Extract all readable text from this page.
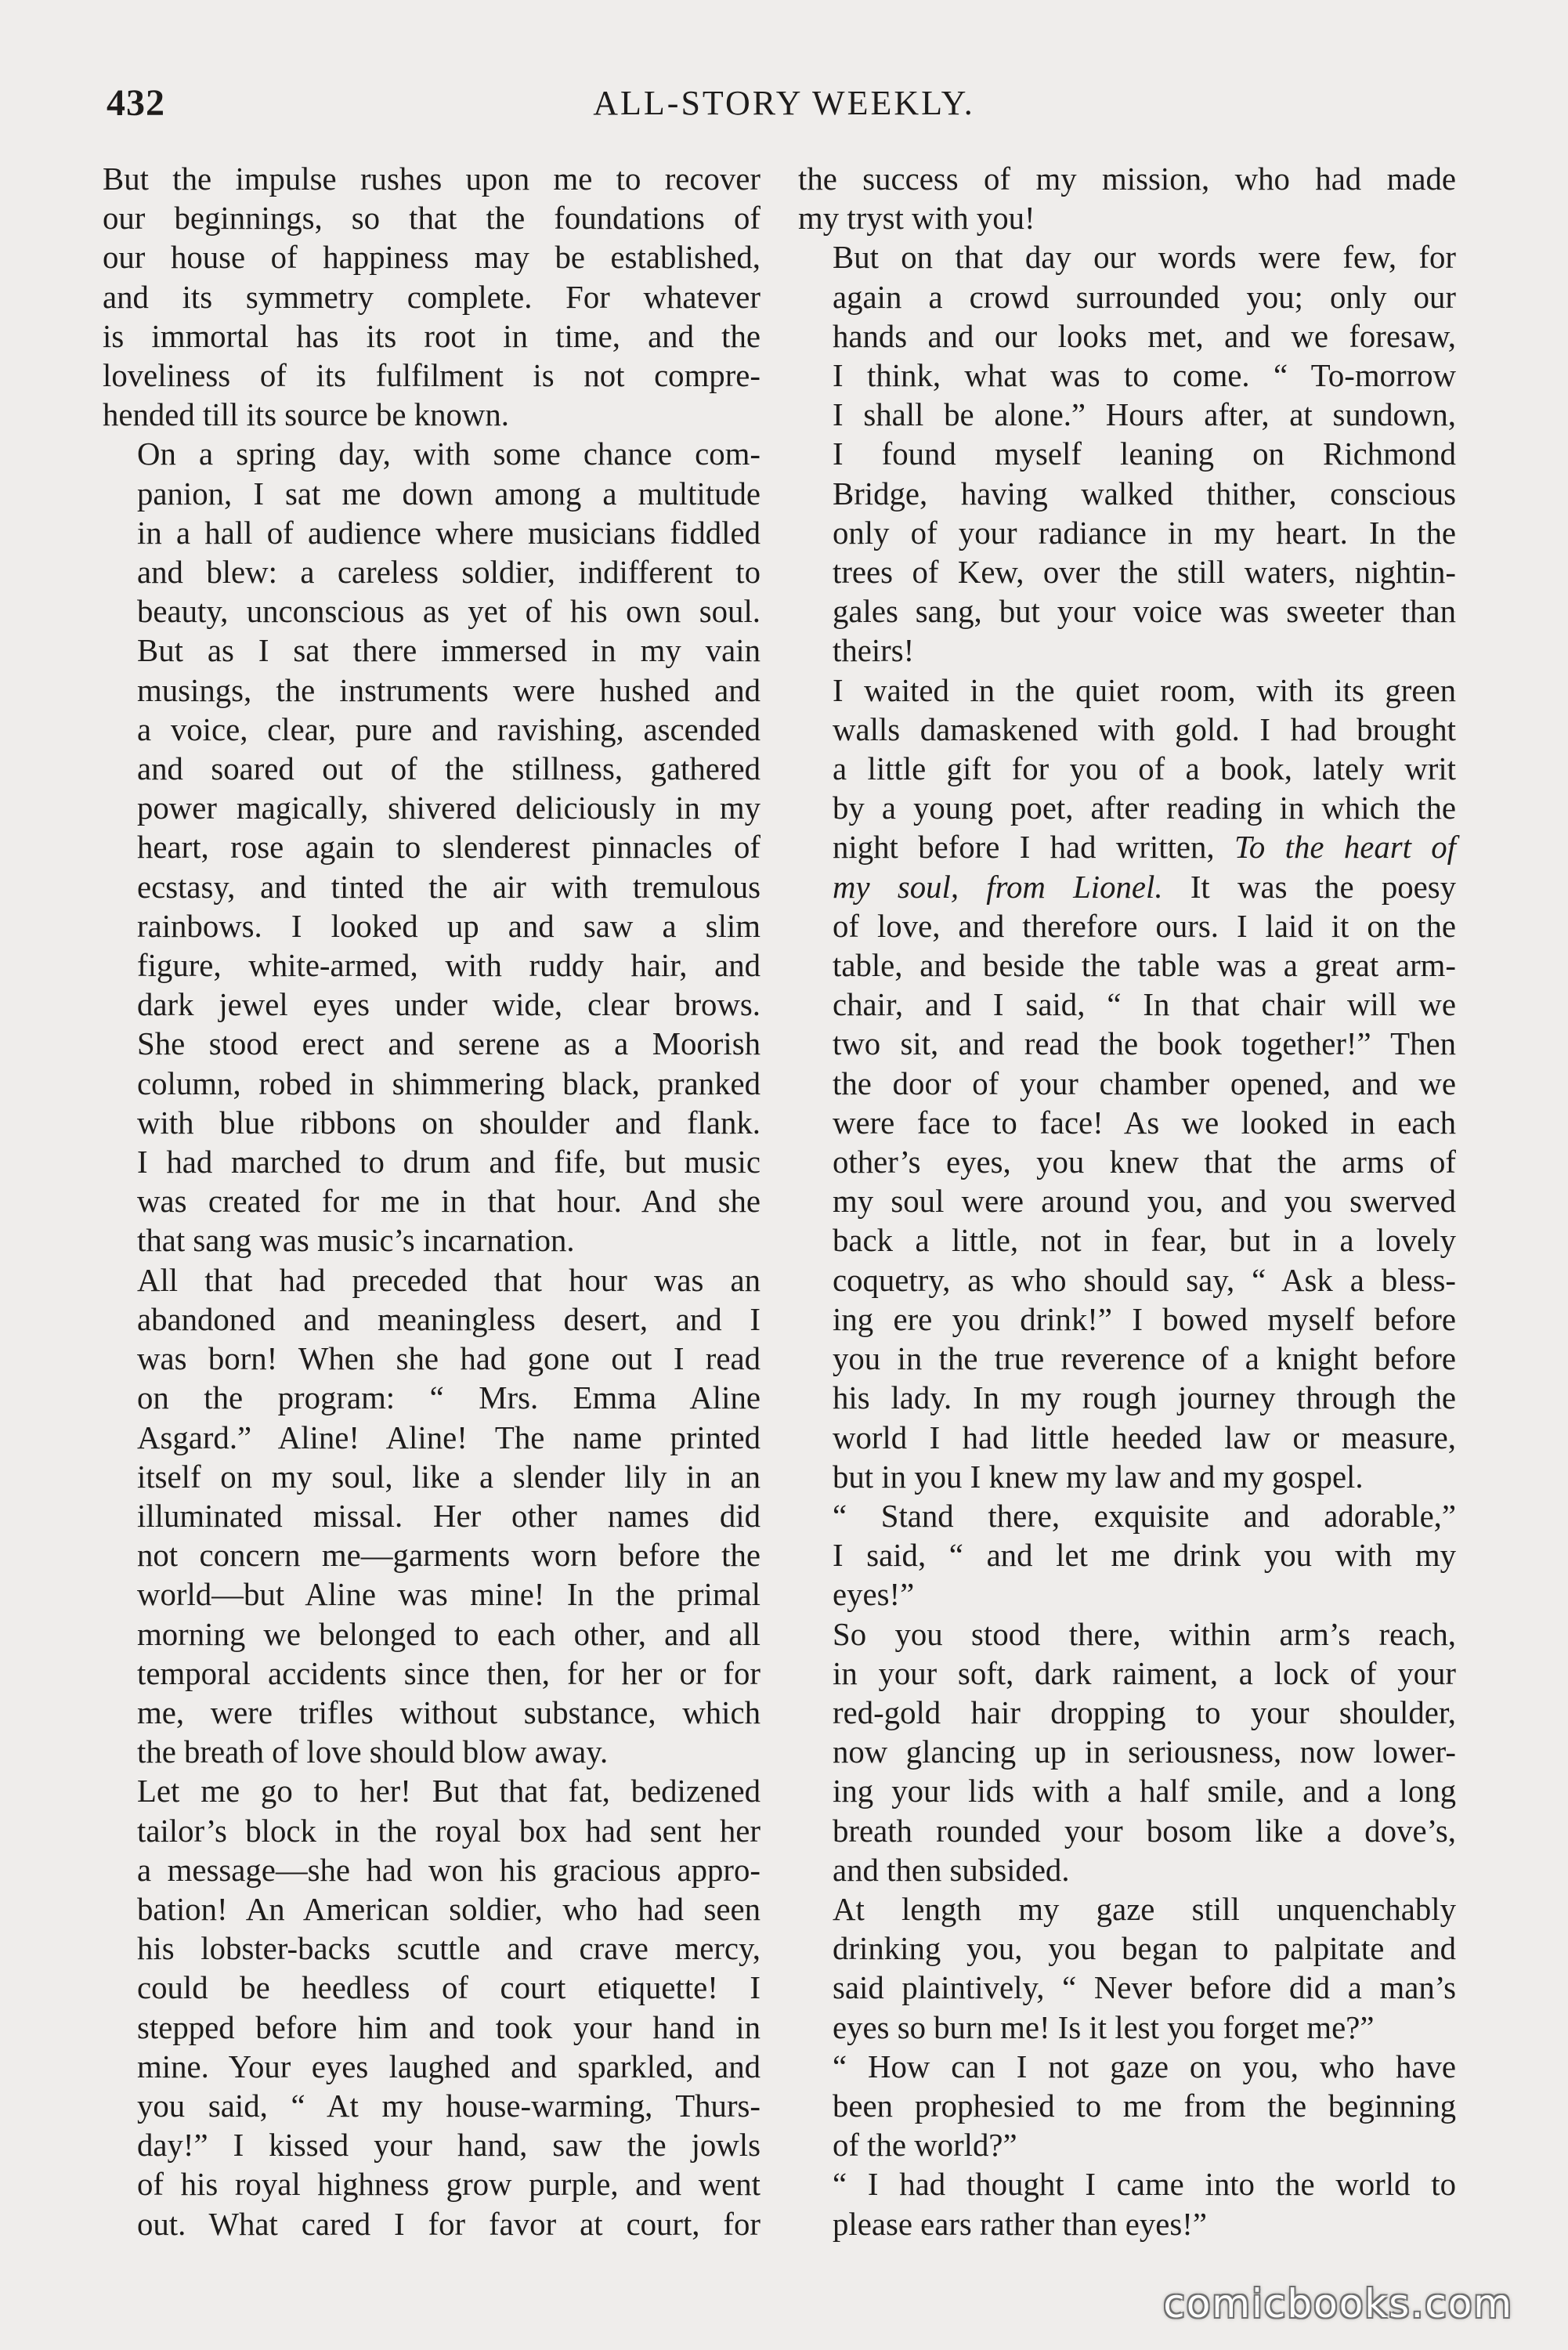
432	ALL-STORY WEEKLY.

But the impulse rushes upon me to recover
our beginnings, so that the foundations of
our house of happiness may be established,
and its symmetry complete. For whatever
is immortal has its root in time, and the
loveliness of its fulfilment is not compre-
hended till its source be known.

On a spring day, with some chance com-
panion, I sat me down among a multitude
in a hall of audience where musicians fiddled
and blew: a careless soldier, indifferent to
beauty, unconscious as yet of his own soul.
But as I sat there immersed in my vain
musings, the instruments were hushed and
a voice, clear, pure and ravishing, ascended
and soared out of the stillness, gathered
power magically, shivered deliciously in my
heart, rose again to slenderest pinnacles of
ecstasy, and tinted the air with tremulous
rainbows. I looked up and saw a slim
figure, white-armed, with ruddy hair, and
dark jewel eyes under wide, clear brows.
She stood erect and serene as a Moorish
column, robed in shimmering black, pranked
with blue ribbons on shoulder and flank.
I had marched to drum and fife, but music
was created for me in that hour. And she
that sang was music’s incarnation.

All that had preceded that hour was an
abandoned and meaningless desert, and I
was born! When she had gone out I read
on the program: “ Mrs. Emma Aline
Asgard.” Aline! Aline! The name printed
itself on my soul, like a slender lily in an
illuminated missal. Her other names did
not concern me—garments worn before the
world—but Aline was mine! In the primal
morning we belonged to each other, and all
temporal accidents since then, for her or for
me, were trifles without substance, which
the breath of love should blow away.

Let me go to her! But that fat, bedizened
tailor’s block in the royal box had sent her
a message—she had won his gracious appro-
bation! An American soldier, who had seen
his lobster-backs scuttle and crave mercy,
could be heedless of court etiquette! I
stepped before him and took your hand in
mine. Your eyes laughed and sparkled, and
you said, “ At my house-warming, Thurs-
day!” I kissed your hand, saw the jowls
of his royal highness grow purple, and went
out. What cared I for favor at court, for

the success of my mission, who had made
my tryst with you!

But on that day our words were few, for
again a crowd surrounded you; only our
hands and our looks met, and we foresaw,
I think, what was to come. “ To-morrow
I shall be alone.” Hours after, at sundown,
I found myself leaning on Richmond
Bridge, having walked thither, conscious
only of your radiance in my heart. In the
trees of Kew, over the still waters, nightin-
gales sang, but your voice was sweeter than
theirs!

I waited in the quiet room, with its green
walls damaskened with gold. I had brought
a little gift for you of a book, lately writ
by a young poet, after reading in which the
night before I had written, To the heart of
my soul, from Lionel. It was the poesy
of love, and therefore ours. I laid it on the
table, and beside the table was a great arm-
chair, and I said, “ In that chair will we
two sit, and read the book together!” Then
the door of your chamber opened, and we
were face to face! As we looked in each
other’s eyes, you knew that the arms of
my soul were around you, and you swerved
back a little, not in fear, but in a lovely
coquetry, as who should say, “ Ask a bless-
ing ere you drink!” I bowed myself before
you in the true reverence of a knight before
his lady. In my rough journey through the
world I had little heeded law or measure,
but in you I knew my law and my gospel.

“ Stand there, exquisite and adorable,”
I said, “ and let me drink you with my
eyes!”

So you stood there, within arm’s reach,
in your soft, dark raiment, a lock of your
red-gold hair dropping to your shoulder,
now glancing up in seriousness, now lower-
ing your lids with a half smile, and a long
breath rounded your bosom like a dove’s,
and then subsided.

At length my gaze still unquenchably
drinking you, you began to palpitate and
said plaintively, “ Never before did a man’s
eyes so burn me! Is it lest you forget me?”

“ How can I not gaze on you, who have
been prophesied to me from the beginning
of the world?”

“ I had thought I came into the world to
please ears rather than eyes!”

comicbooks.com
